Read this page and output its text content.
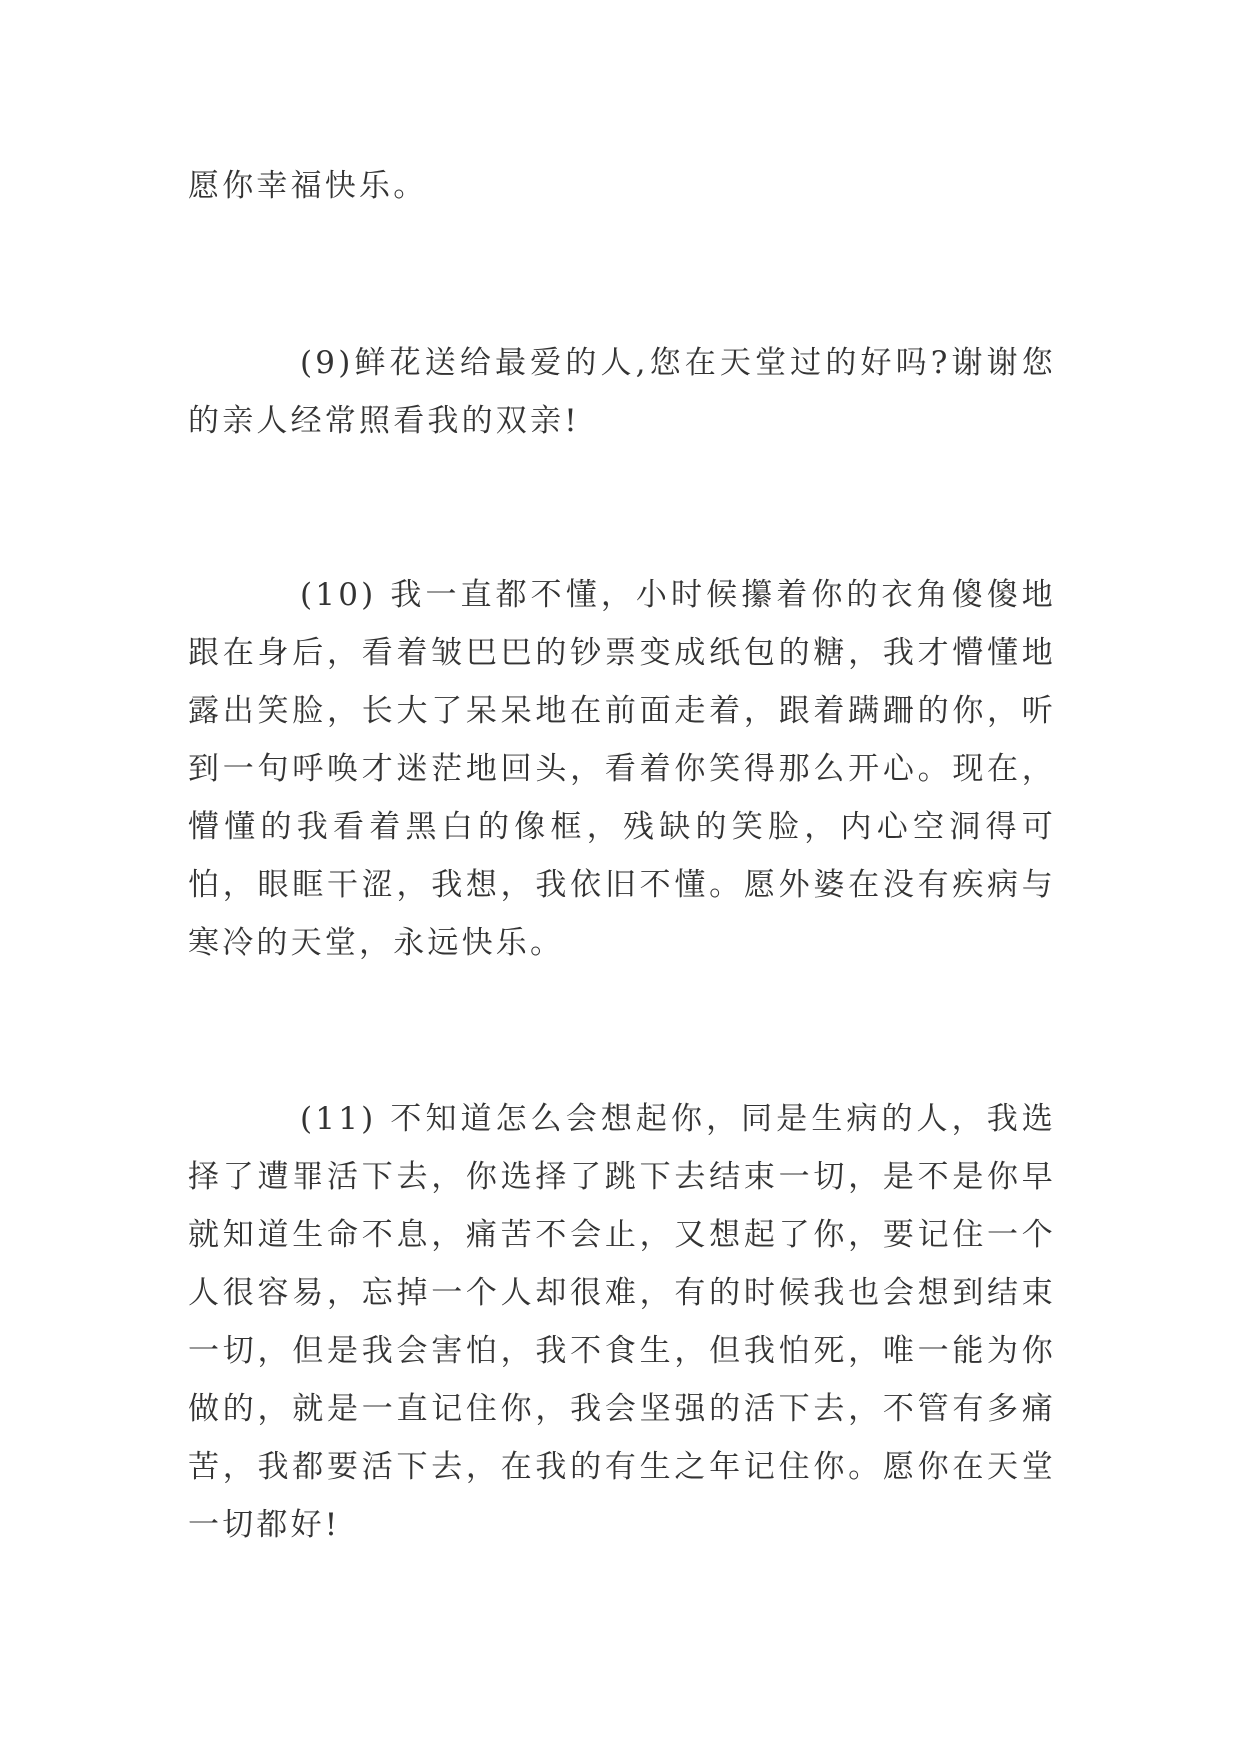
愿你幸福快乐。

(9)鲜花送给最爱的人,您在天堂过的好吗?谢谢您的亲人经常照看我的双亲!

(10) 我一直都不懂，小时候攥着你的衣角傻傻地跟在身后，看着皱巴巴的钞票变成纸包的糖，我才懵懂地露出笑脸，长大了呆呆地在前面走着，跟着蹒跚的你，听到一句呼唤才迷茫地回头，看着你笑得那么开心。现在，懵懂的我看着黑白的像框，残缺的笑脸，内心空洞得可怕，眼眶干涩，我想，我依旧不懂。愿外婆在没有疾病与寒冷的天堂，永远快乐。

(11) 不知道怎么会想起你，同是生病的人，我选择了遭罪活下去，你选择了跳下去结束一切，是不是你早就知道生命不息，痛苦不会止，又想起了你，要记住一个人很容易，忘掉一个人却很难，有的时候我也会想到结束一切，但是我会害怕，我不食生，但我怕死，唯一能为你做的，就是一直记住你，我会坚强的活下去，不管有多痛苦，我都要活下去，在我的有生之年记住你。愿你在天堂一切都好!
